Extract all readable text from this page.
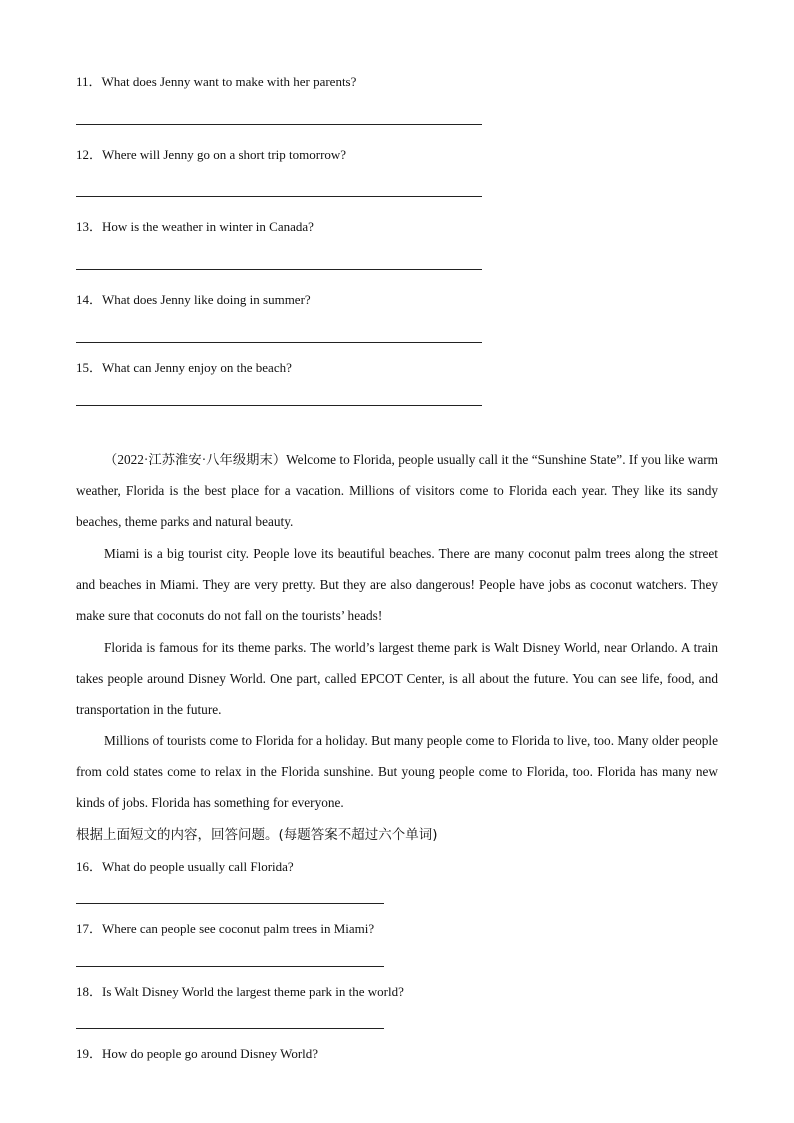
11．What does Jenny want to make with her parents?
12．Where will Jenny go on a short trip tomorrow?
13．How is the weather in winter in Canada?
14．What does Jenny like doing in summer?
15．What can Jenny enjoy on the beach?
（2022·江苏淮安·八年级期末）Welcome to Florida, people usually call it the “Sunshine State”. If you like warm weather, Florida is the best place for a vacation. Millions of visitors come to Florida each year. They like its sandy beaches, theme parks and natural beauty.
Miami is a big tourist city. People love its beautiful beaches. There are many coconut palm trees along the street and beaches in Miami. They are very pretty. But they are also dangerous! People have jobs as coconut watchers. They make sure that coconuts do not fall on the tourists’ heads!
Florida is famous for its theme parks. The world’s largest theme park is Walt Disney World, near Orlando. A train takes people around Disney World. One part, called EPCOT Center, is all about the future. You can see life, food, and transportation in the future.
Millions of tourists come to Florida for a holiday. But many people come to Florida to live, too. Many older people from cold states come to relax in the Florida sunshine. But young people come to Florida, too. Florida has many new kinds of jobs. Florida has something for everyone.
根据上面短文的内容，回答问题。(每题答案不超过六个单词)
16．What do people usually call Florida?
17．Where can people see coconut palm trees in Miami?
18．Is Walt Disney World the largest theme park in the world?
19．How do people go around Disney World?
